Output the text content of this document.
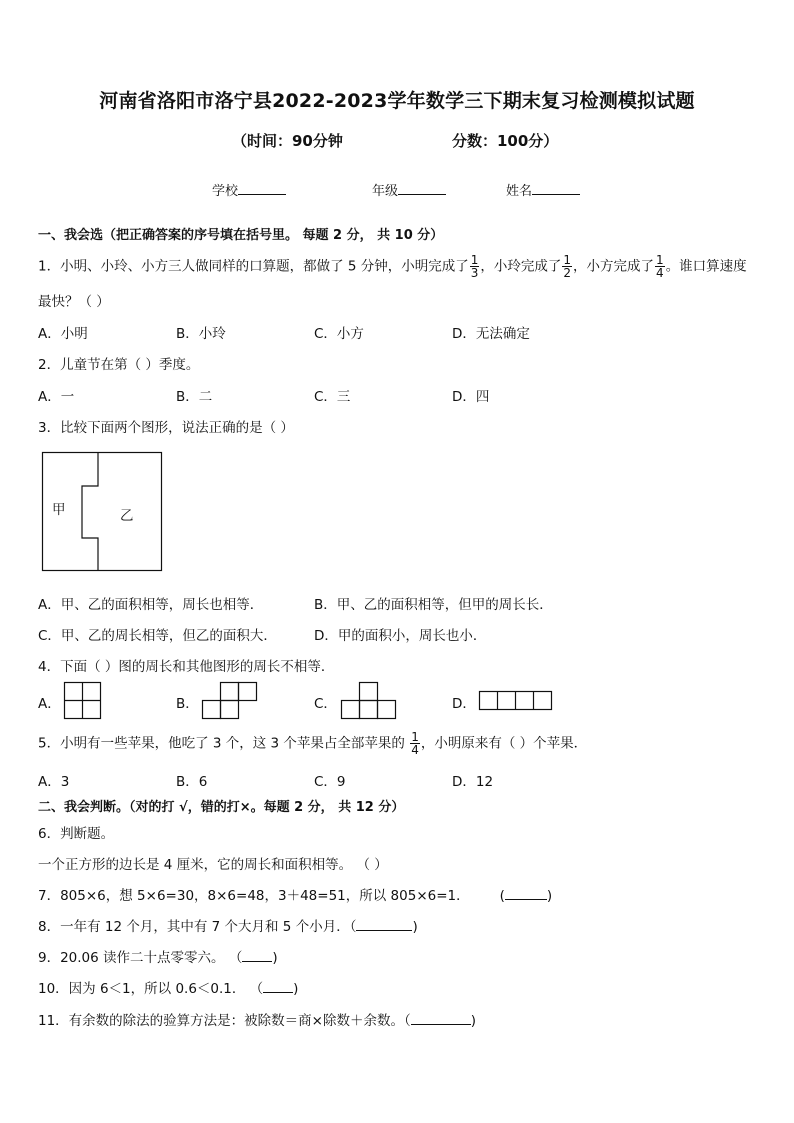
河南省洛阳市洛宁县2022-2023学年数学三下期末复习检测模拟试题
（时间：90分钟	分数：100分）
学校	年级	姓名
一、我会选（把正确答案的序号填在括号里。 每题 2 分， 共 10 分）
1．小明、小玲、小方三人做同样的口算题，都做了 5 分钟，小明完成了 $\frac{1}{3}$ ，小玲完成了 $\frac{1}{2}$ ，小方完成了 $\frac{1}{4}$ 。谁口算速度
最快？（ ）
A．小明	B．小玲	C．小方	D．无法确定
2．儿童节在第（ ）季度。
A．一	B．二	C．三	D．四
3．比较下面两个图形，说法正确的是（ ）
甲	乙
A．甲、乙的面积相等，周长也相等．	B．甲、乙的面积相等，但甲的周长长．
C．甲、乙的周长相等，但乙的面积大．	D．甲的面积小，周长也小．
4．下面（ ）图的周长和其他图形的周长不相等．
A．	B．	C．	D．
5．小明有一些苹果，他吃了 3 个，这 3 个苹果占全部苹果的 $\frac{1}{4}$ ，小明原来有（ ）个苹果．
A．3	B．6	C．9	D．12
二、我会判断。（对的打 √，错的打×。每题 2 分， 共 12 分）
6．判断题。
一个正方形的边长是 4 厘米，它的周长和面积相等。 （ ）
7．805×6，想 5×6=30，8×6=48，3＋48=51，所以 805×6=1． (	)
8．一年有 12 个月，其中有 7 个大月和 5 个小月．（	)
9．20.06 读作二十点零零六。 （ )
10．因为 6＜1，所以 0.6＜0.1． （ )
11．有余数的除法的验算方法是：被除数＝商×除数＋余数。（	)
